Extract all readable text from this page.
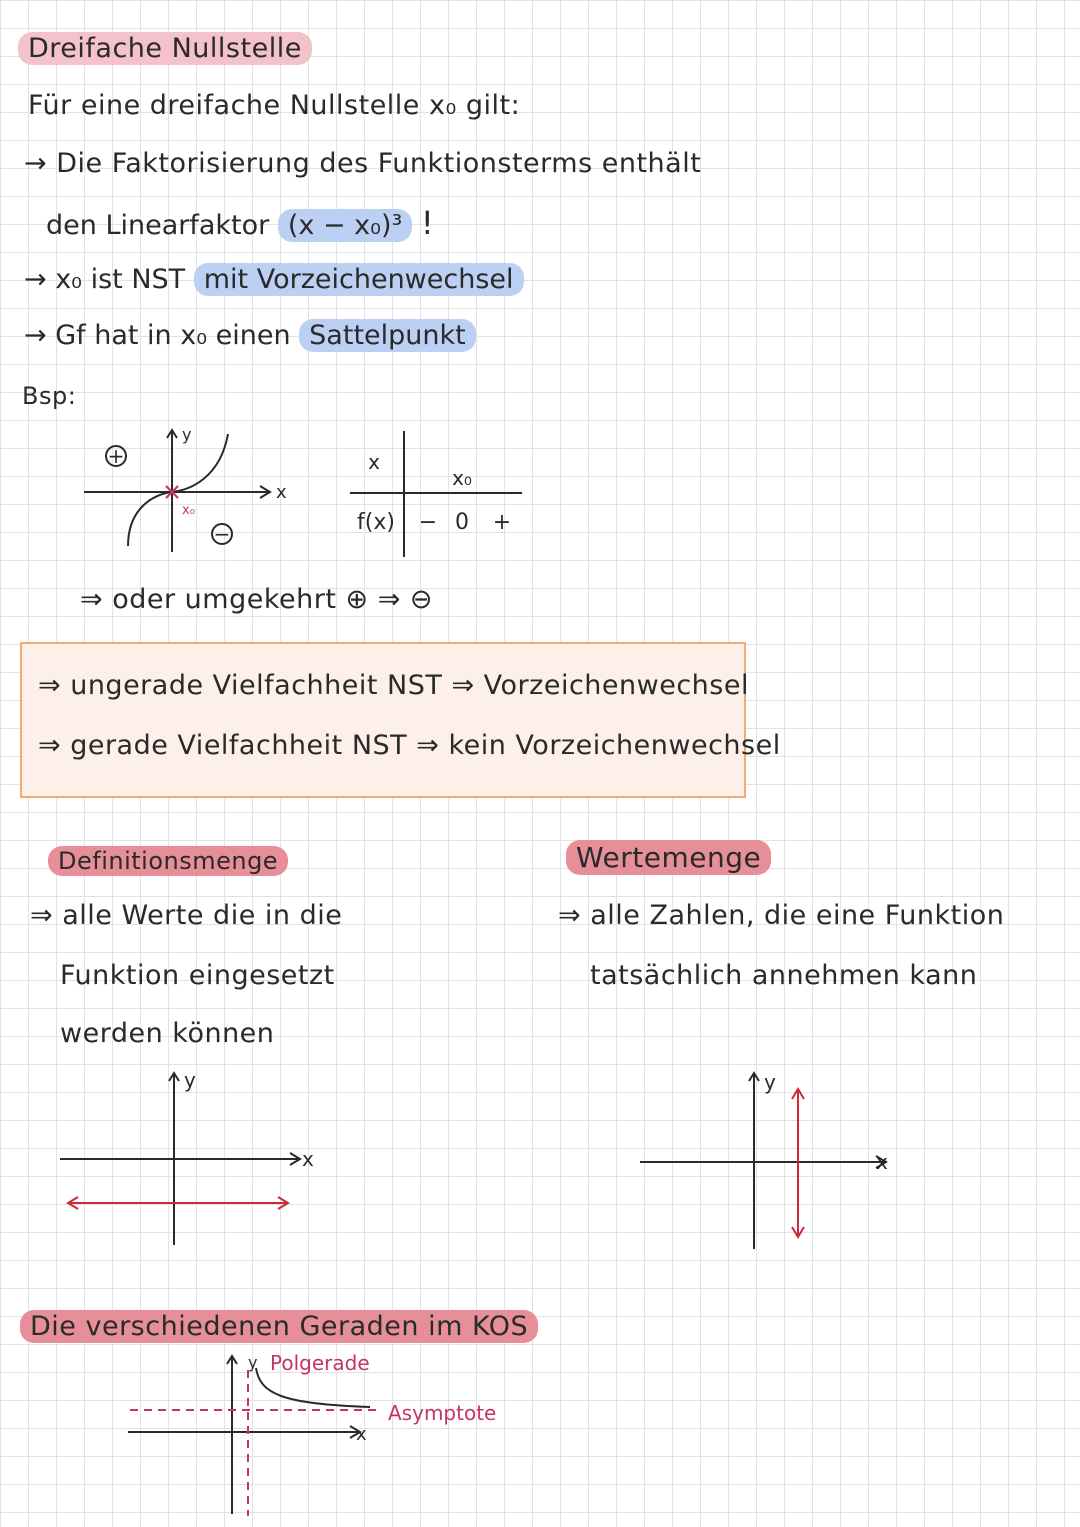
Dreifache Nullstelle
Für eine dreifache Nullstelle x₀ gilt:
→ Die Faktorisierung des Funktionsterms enthält
den Linearfaktor (x − x₀)³ !
→ x₀ ist NST mit Vorzeichenwechsel
→ Gf hat in x₀ einen Sattelpunkt
Bsp:
+
−
y
x
x₀
x
x₀
f(x) − 0 +
⇒ oder umgekehrt ⊕ ⇒ ⊖
⇒ ungerade Vielfachheit NST ⇒ Vorzeichenwechsel
⇒ gerade Vielfachheit NST ⇒ kein Vorzeichenwechsel
Definitionsmenge
⇒ alle Werte die in die
Funktion eingesetzt
werden können
y
x
Wertemenge
⇒ alle Zahlen, die eine Funktion
tatsächlich annehmen kann
y
x
Die verschiedenen Geraden im KOS
y
x
Polgerade
Asymptote
